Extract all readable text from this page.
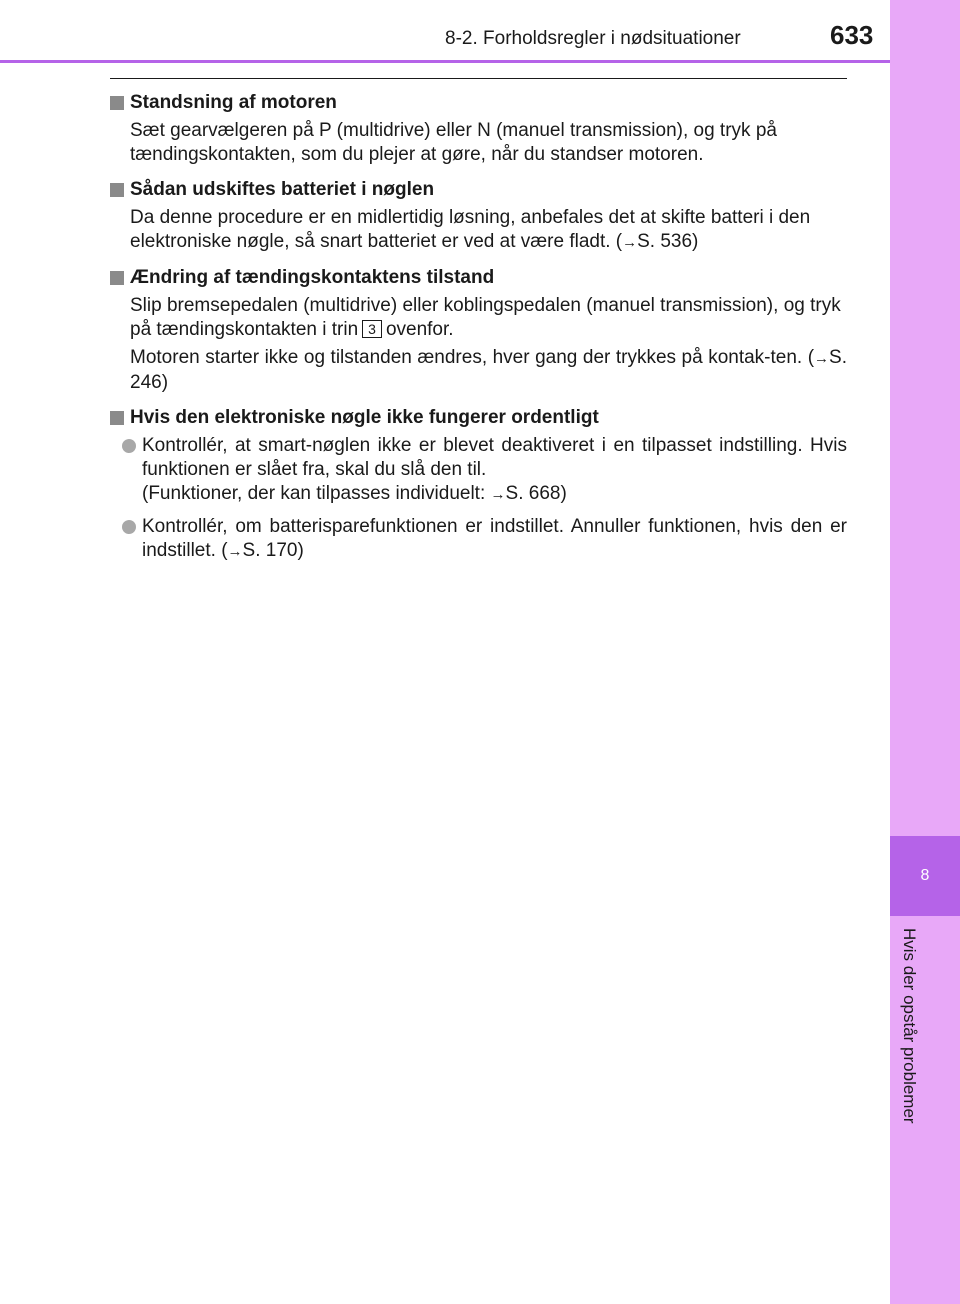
8
Hvis der opstår problemer
8-2. Forholdsregler i nødsituationer	633
Standsning af motoren
Sæt gearvælgeren på P (multidrive) eller N (manuel transmission), og tryk på tændingskontakten, som du plejer at gøre, når du standser motoren.
Sådan udskiftes batteriet i nøglen
Da denne procedure er en midlertidig løsning, anbefales det at skifte batteri i den elektroniske nøgle, så snart batteriet er ved at være fladt. (→S. 536)
Ændring af tændingskontaktens tilstand
Slip bremsepedalen (multidrive) eller koblingspedalen (manuel transmission), og tryk på tændingskontakten i trin 3 ovenfor.
Motoren starter ikke og tilstanden ændres, hver gang der trykkes på kontak-ten. (→S. 246)
Hvis den elektroniske nøgle ikke fungerer ordentligt
Kontrollér, at smart-nøglen ikke er blevet deaktiveret i en tilpasset indstilling. Hvis funktionen er slået fra, skal du slå den til.
(Funktioner, der kan tilpasses individuelt: →S. 668)
Kontrollér, om batterisparefunktionen er indstillet. Annuller funktionen, hvis den er indstillet. (→S. 170)
